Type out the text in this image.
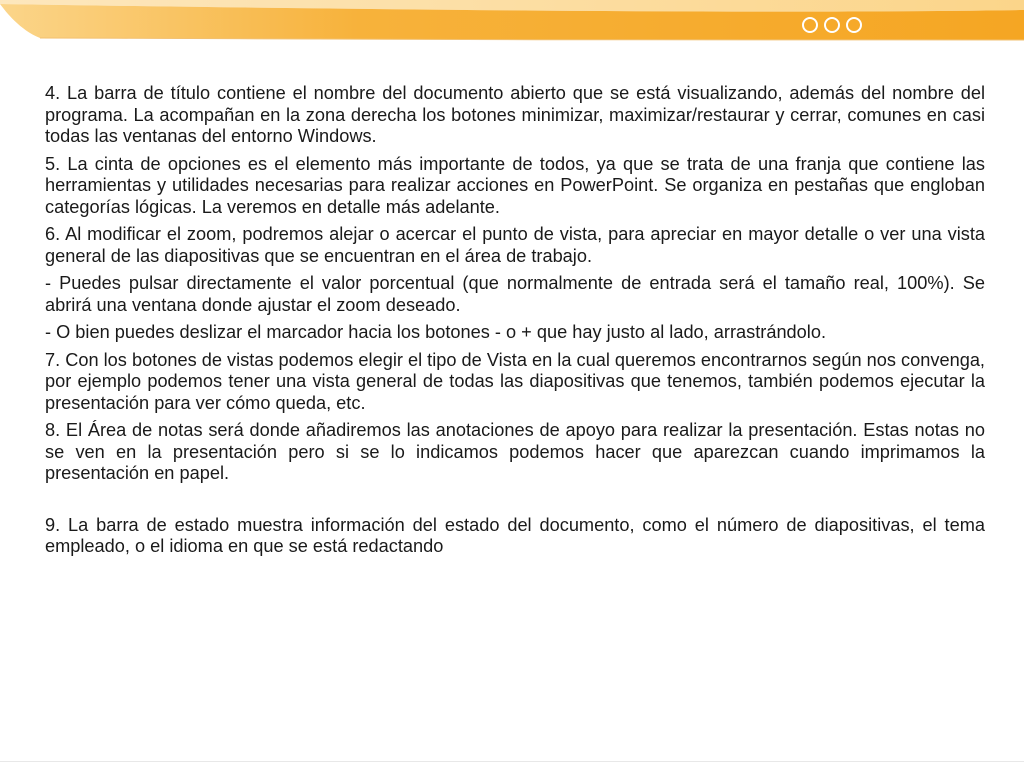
4. La barra de título contiene el nombre del documento abierto que se está visualizando, además del nombre del programa. La acompañan en la zona derecha los botones minimizar, maximizar/restaurar y cerrar, comunes en casi todas las ventanas del entorno Windows.

5. La cinta de opciones es el elemento más importante de todos, ya que se trata de una franja que contiene las herramientas y utilidades necesarias para realizar acciones en PowerPoint. Se organiza en pestañas que engloban categorías lógicas. La veremos en detalle más adelante.

6. Al modificar el zoom, podremos alejar o acercar el punto de vista, para apreciar en mayor detalle o ver una vista general de las diapositivas que se encuentran en el área de trabajo.

- Puedes pulsar directamente el valor porcentual (que normalmente de entrada será el tamaño real, 100%). Se abrirá una ventana donde ajustar el zoom deseado.

- O bien puedes deslizar el marcador hacia los botones - o + que hay justo al lado, arrastrándolo.

7. Con los botones de vistas podemos elegir el tipo de Vista en la cual queremos encontrarnos según nos convenga, por ejemplo podemos tener una vista general de todas las diapositivas que tenemos, también podemos ejecutar la presentación para ver cómo queda, etc.

8. El Área de notas será donde añadiremos las anotaciones de apoyo para realizar la presentación. Estas notas no se ven en la presentación pero si se lo indicamos podemos hacer que aparezcan cuando imprimamos la presentación en papel.

9. La barra de estado muestra información del estado del documento, como el número de diapositivas, el tema empleado, o el idioma en que se está redactando
